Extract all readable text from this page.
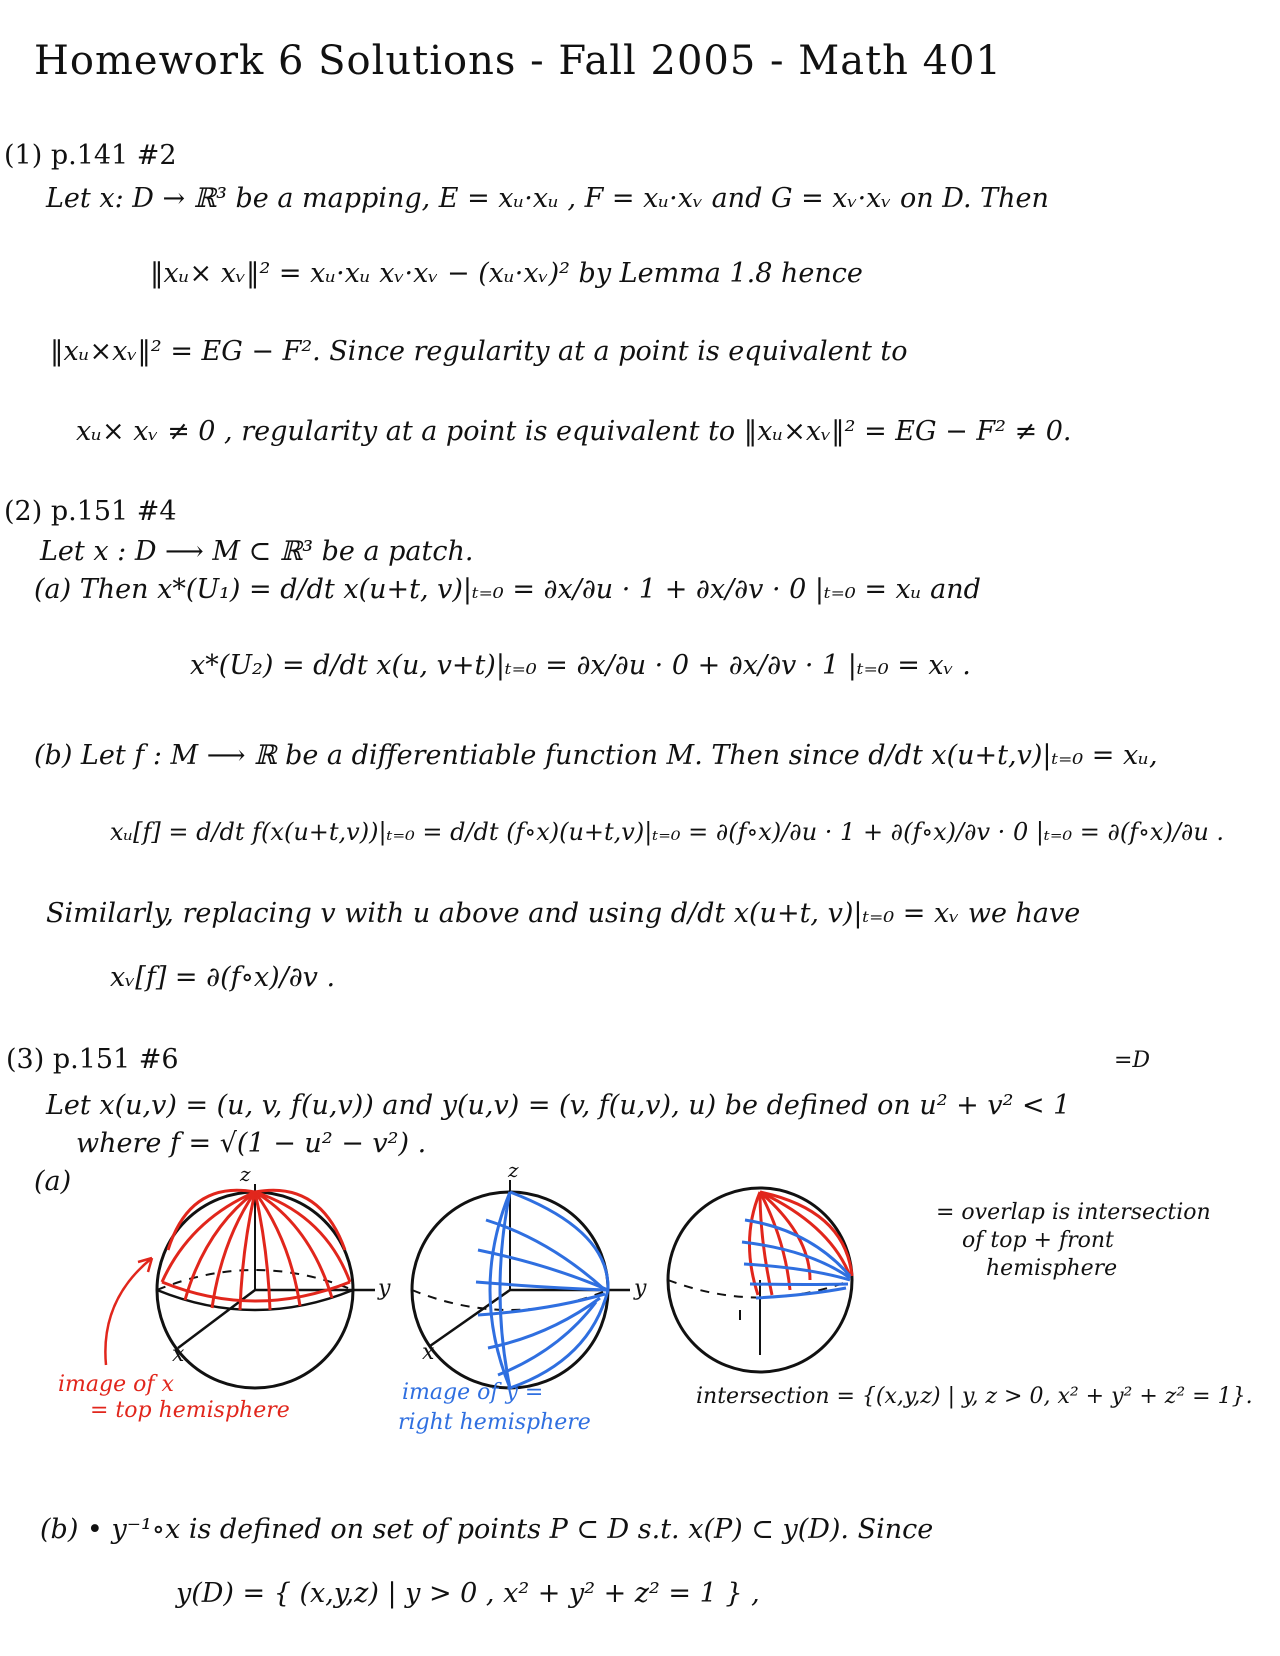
Homework 6 Solutions - Fall 2005 - Math 401
(1) p.141 #2
Let x: D → ℝ³ be a mapping, E = xᵤ·xᵤ , F = xᵤ·xᵥ and G = xᵥ·xᵥ on D. Then
‖xᵤ× xᵥ‖² = xᵤ·xᵤ xᵥ·xᵥ − (xᵤ·xᵥ)² by Lemma 1.8 hence
‖xᵤ×xᵥ‖² = EG − F². Since regularity at a point is equivalent to
xᵤ× xᵥ ≠ 0 , regularity at a point is equivalent to ‖xᵤ×xᵥ‖² = EG − F² ≠ 0.
(2) p.151 #4
Let x : D ⟶ M ⊂ ℝ³ be a patch.
(a) Then x*(U₁) = d/dt x(u+t, v)|ₜ₌₀ = ∂x/∂u · 1 + ∂x/∂v · 0 |ₜ₌₀ = xᵤ and
x*(U₂) = d/dt x(u, v+t)|ₜ₌₀ = ∂x/∂u · 0 + ∂x/∂v · 1 |ₜ₌₀ = xᵥ .
(b) Let f : M ⟶ ℝ be a differentiable function M. Then since d/dt x(u+t,v)|ₜ₌₀ = xᵤ,
xᵤ[f] = d/dt f(x(u+t,v))|ₜ₌₀ = d/dt (f∘x)(u+t,v)|ₜ₌₀ = ∂(f∘x)/∂u · 1 + ∂(f∘x)/∂v · 0 |ₜ₌₀ = ∂(f∘x)/∂u .
Similarly, replacing v with u above and using d/dt x(u+t, v)|ₜ₌₀ = xᵥ we have
xᵥ[f] = ∂(f∘x)/∂v .
(3) p.151 #6	=D
Let x(u,v) = (u, v, f(u,v)) and y(u,v) = (v, f(u,v), u) be defined on u² + v² < 1
where f = √(1 − u² − v²) .
(a)	z
y
x
z
y
x
= overlap is intersection
of top + front
hemisphere
image of x
= top hemisphere
image of y =
right hemisphere
intersection = {(x,y,z) | y, z > 0, x² + y² + z² = 1}.
(b) • y⁻¹∘x is defined on set of points P ⊂ D s.t. x(P) ⊂ y(D). Since
y(D) = { (x,y,z) | y > 0 , x² + y² + z² = 1 } ,
